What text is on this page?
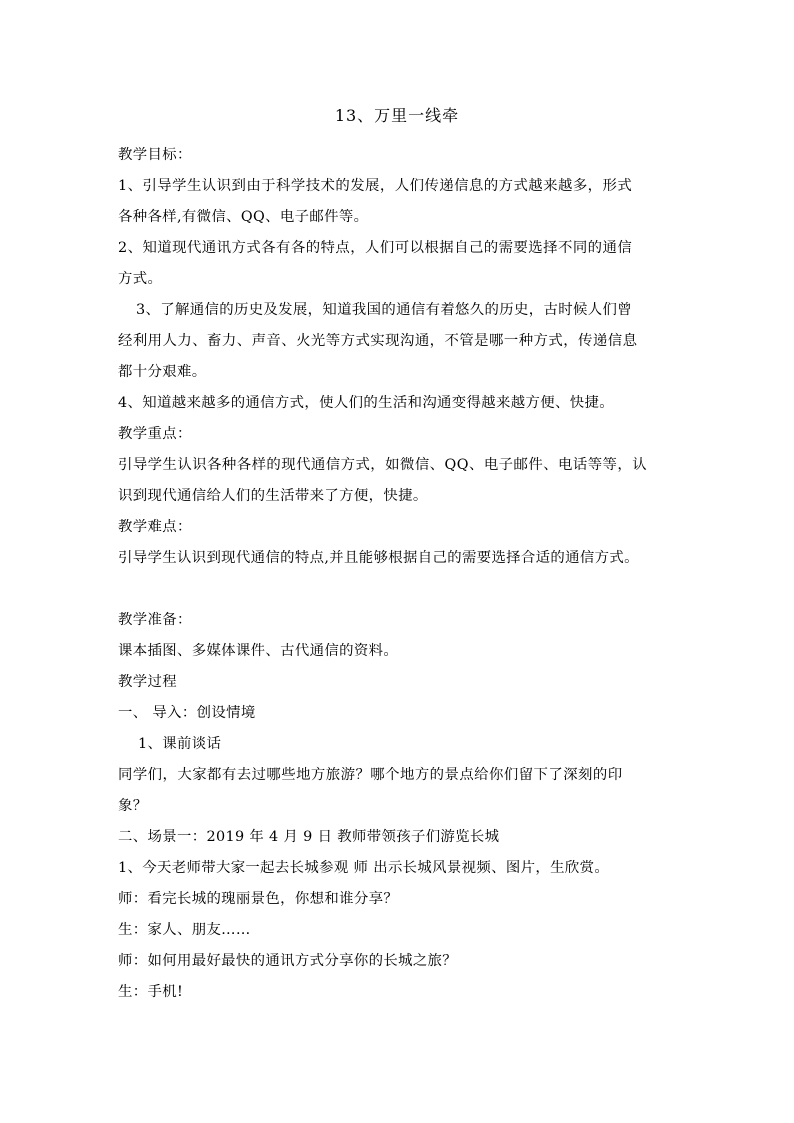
13、万里一线牵
教学目标：
1、引导学生认识到由于科学技术的发展，人们传递信息的方式越来越多，形式
各种各样,有微信、QQ、电子邮件等。
2、知道现代通讯方式各有各的特点，人们可以根据自己的需要选择不同的通信
方式。
3、了解通信的历史及发展，知道我国的通信有着悠久的历史，古时候人们曾
经利用人力、畜力、声音、火光等方式实现沟通，不管是哪一种方式，传递信息
都十分艰难。
4、知道越来越多的通信方式，使人们的生活和沟通变得越来越方便、快捷。
教学重点：
引导学生认识各种各样的现代通信方式，如微信、QQ、电子邮件、电话等等，认
识到现代通信给人们的生活带来了方便，快捷。
教学难点：
引导学生认识到现代通信的特点,并且能够根据自己的需要选择合适的通信方式。
教学准备：
课本插图、多媒体课件、古代通信的资料。
教学过程
一、 导入：创设情境
1、课前谈话
同学们，大家都有去过哪些地方旅游？哪个地方的景点给你们留下了深刻的印
象？
二、场景一：2019 年 4 月 9 日 教师带领孩子们游览长城
1、今天老师带大家一起去长城参观 师 出示长城风景视频、图片，生欣赏。
师：看完长城的瑰丽景色，你想和谁分享？
生：家人、朋友……
师：如何用最好最快的通讯方式分享你的长城之旅？
生：手机!
